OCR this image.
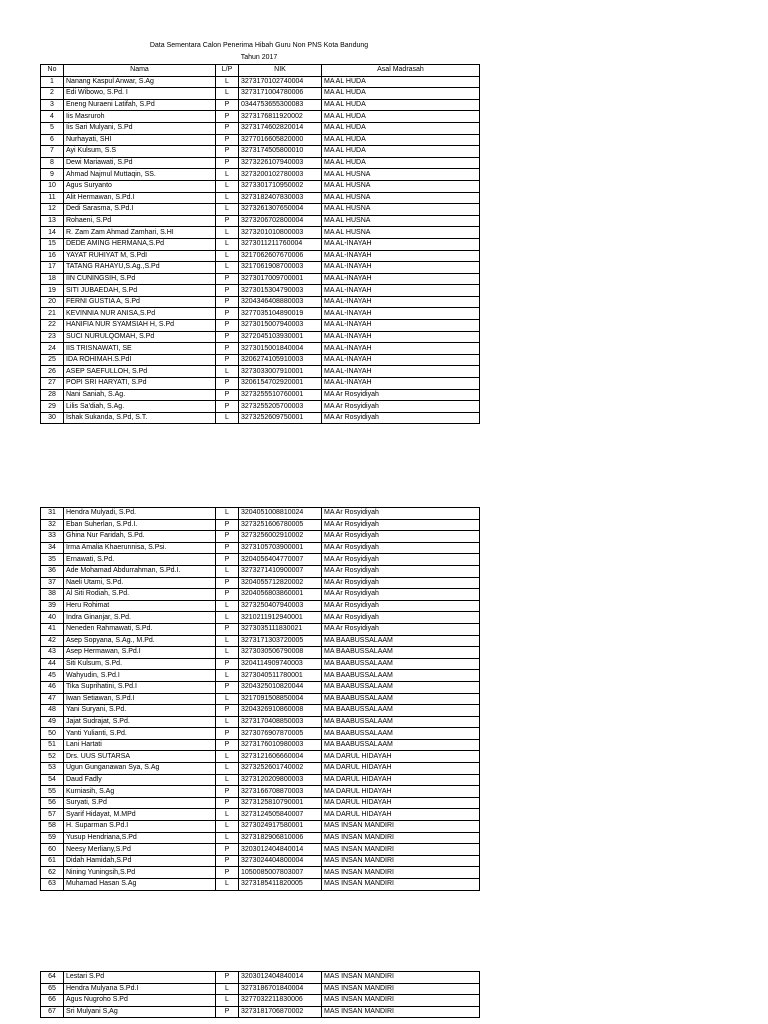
Data Sementara Calon Penerima Hibah Guru Non PNS Kota Bandung
Tahun 2017
No	Nama	L/P	NIK	Asal Madrasah
1	Nanang Kaspul Anwar, S.Ag	L	3273170102740004	MA AL HUDA
2	Edi Wibowo, S.Pd. I	L	3273171004780006	MA AL HUDA
3	Eneng Nuraeni Latifah, S.Pd	P	0344753655300083	MA AL HUDA
4	Iis Masruroh	P	3273176811920002	MA AL HUDA
5	Iis Sari Mulyani, S.Pd	P	3273174602820014	MA AL HUDA
6	Nurhayati, SHI	P	3277016605820000	MA AL HUDA
7	Ayi Kulsum, S.S	P	3273174505800010	MA AL HUDA
8	Dewi Mariawati, S.Pd	P	3273226107940003	MA AL HUDA
9	Ahmad Najmul Muttaqin, SS.	L	3273200102780003	MA AL HUSNA
10	Agus Suryanto	L	3273301710950002	MA AL HUSNA
11	Alit Hermawan, S.Pd.I	L	3273182407830003	MA AL HUSNA
12	Dedi Sarasma, S.Pd.I	L	3273261307650004	MA AL HUSNA
13	Rohaeni, S.Pd	P	3273206702800004	MA AL HUSNA
14	R. Zam Zam Ahmad Zamhari, S.HI	L	3273201010800003	MA AL HUSNA
15	DEDE AMING HERMANA,S.Pd	L	3273011211760004	MA AL-INAYAH
16	YAYAT RUHIYAT M, S.PdI	L	3217062607670006	MA AL-INAYAH
17	TATANG RAHAYU,S.Ag.,S.Pd	L	3217061908700003	MA AL-INAYAH
18	IIN CUNINGSIH, S.Pd	P	3273017009700001	MA AL-INAYAH
19	SITI JUBAEDAH, S.Pd	P	3273015304790003	MA AL-INAYAH
20	FERNI GUSTIA A, S.Pd	P	3204346408880003	MA AL-INAYAH
21	KEVINNIA NUR ANISA,S.Pd	P	3277035104890019	MA AL-INAYAH
22	HANIFIA NUR SYAMSIAH H, S.Pd	P	3273015007940003	MA AL-INAYAH
23	SUCI NURULQOMAH, S.Pd	P	3272045103930001	MA AL-INAYAH
24	IIS TRISNAWATI, SE	P	3273015001840004	MA AL-INAYAH
25	IDA ROHIMAH.S.PdI	P	3206274105910003	MA AL-INAYAH
26	ASEP SAEFULLOH, S.Pd	L	3273033007910001	MA AL-INAYAH
27	POPI SRI HARYATI, S.Pd	P	3206154702920001	MA AL-INAYAH
28	Nani Saniah, S.Ag.	P	3273255510760001	MA Ar Rosyidiyah
29	Lilis Sa'diah, S.Ag.	P	3273255205700003	MA Ar Rosyidiyah
30	Ishak Sukanda, S.Pd, S.T.	L	3273252609750001	MA Ar Rosyidiyah
31	Hendra Mulyadi, S.Pd.	L	3204051008810024	MA Ar Rosyidiyah
32	Eban Suherlan, S.Pd.I.	P	3273251606780005	MA Ar Rosyidiyah
33	Ghina Nur Faridah, S.Pd.	P	3273256002910002	MA Ar Rosyidiyah
34	Irma Amalia Khaerunnisa, S.Psi.	P	3273105703900001	MA Ar Rosyidiyah
35	Ernawati, S.Pd.	P	3204056404770007	MA Ar Rosyidiyah
36	Ade Mohamad Abdurrahman, S.Pd.I.	L	3273271410900007	MA Ar Rosyidiyah
37	Naeli Utami, S.Pd.	P	3204055712820002	MA Ar Rosyidiyah
38	Al Siti Rodiah, S.Pd.	P	3204056803860001	MA Ar Rosyidiyah
39	Heru Rohimat	L	3273250407940003	MA Ar Rosyidiyah
40	Indra Ginanjar, S.Pd.	L	3210211912940001	MA Ar Rosyidiyah
41	Neneden Rahmawati, S.Pd.	P	3273035111830021	MA Ar Rosyidiyah
42	Asep Sopyana, S.Ag., M.Pd.	L	3273171303720005	MA BAABUSSALAAM
43	Asep Hermawan, S.Pd.I	L	3273030506790008	MA BAABUSSALAAM
44	Siti Kulsum, S.Pd.	P	3204114909740003	MA BAABUSSALAAM
45	Wahyudin, S.Pd.I	L	3273040511780001	MA BAABUSSALAAM
46	Tika Suprihatini, S.Pd.I	P	3204325010820044	MA BAABUSSALAAM
47	Iwan Setiawan, S.Pd.I	L	3217091508850004	MA BAABUSSALAAM
48	Yani Suryani, S.Pd.	P	3204326910860008	MA BAABUSSALAAM
49	Jajat Sudrajat, S.Pd.	L	3273170408850003	MA BAABUSSALAAM
50	Yanti Yulianti, S.Pd.	P	3273076907870005	MA BAABUSSALAAM
51	Lani Hartati	P	3273176010980003	MA BAABUSSALAAM
52	Drs. UUS SUTARSA	L	3273121606660004	MA DARUL HIDAYAH
53	Ugun Gunganawan Sya, S.Ag	L	3273252601740002	MA DARUL HIDAYAH
54	Daud Fadly	L	3273120209800003	MA DARUL HIDAYAH
55	Kurniasih, S.Ag	P	3273166708870003	MA DARUL HIDAYAH
56	Suryati, S.Pd	P	3273125810790001	MA DARUL HIDAYAH
57	Syarif Hidayat, M.MPd	L	3273124505840007	MA DARUL HIDAYAH
58	H. Suparman S.Pd.I	L	3273024917580001	MAS INSAN MANDIRI
59	Yusup Hendriana,S.Pd	L	3273182906810006	MAS INSAN MANDIRI
60	Neesy Merliany,S.Pd	P	3203012404840014	MAS INSAN MANDIRI
61	Didah Hamidah,S.Pd	P	3273024404800004	MAS INSAN MANDIRI
62	Nining Yuningsih,S.Pd	P	1050085007803007	MAS INSAN MANDIRI
63	Muhamad Hasan S.Ag	L	3273185411820005	MAS INSAN MANDIRI
64	Lestari S.Pd	P	3203012404840014	MAS INSAN MANDIRI
65	Hendra Mulyana S.Pd.I	L	3273186701840004	MAS INSAN MANDIRI
66	Agus Nugroho S.Pd	L	3277032211830006	MAS INSAN MANDIRI
67	Sri Mulyani S,Ag	P	3273181706870002	MAS INSAN MANDIRI
